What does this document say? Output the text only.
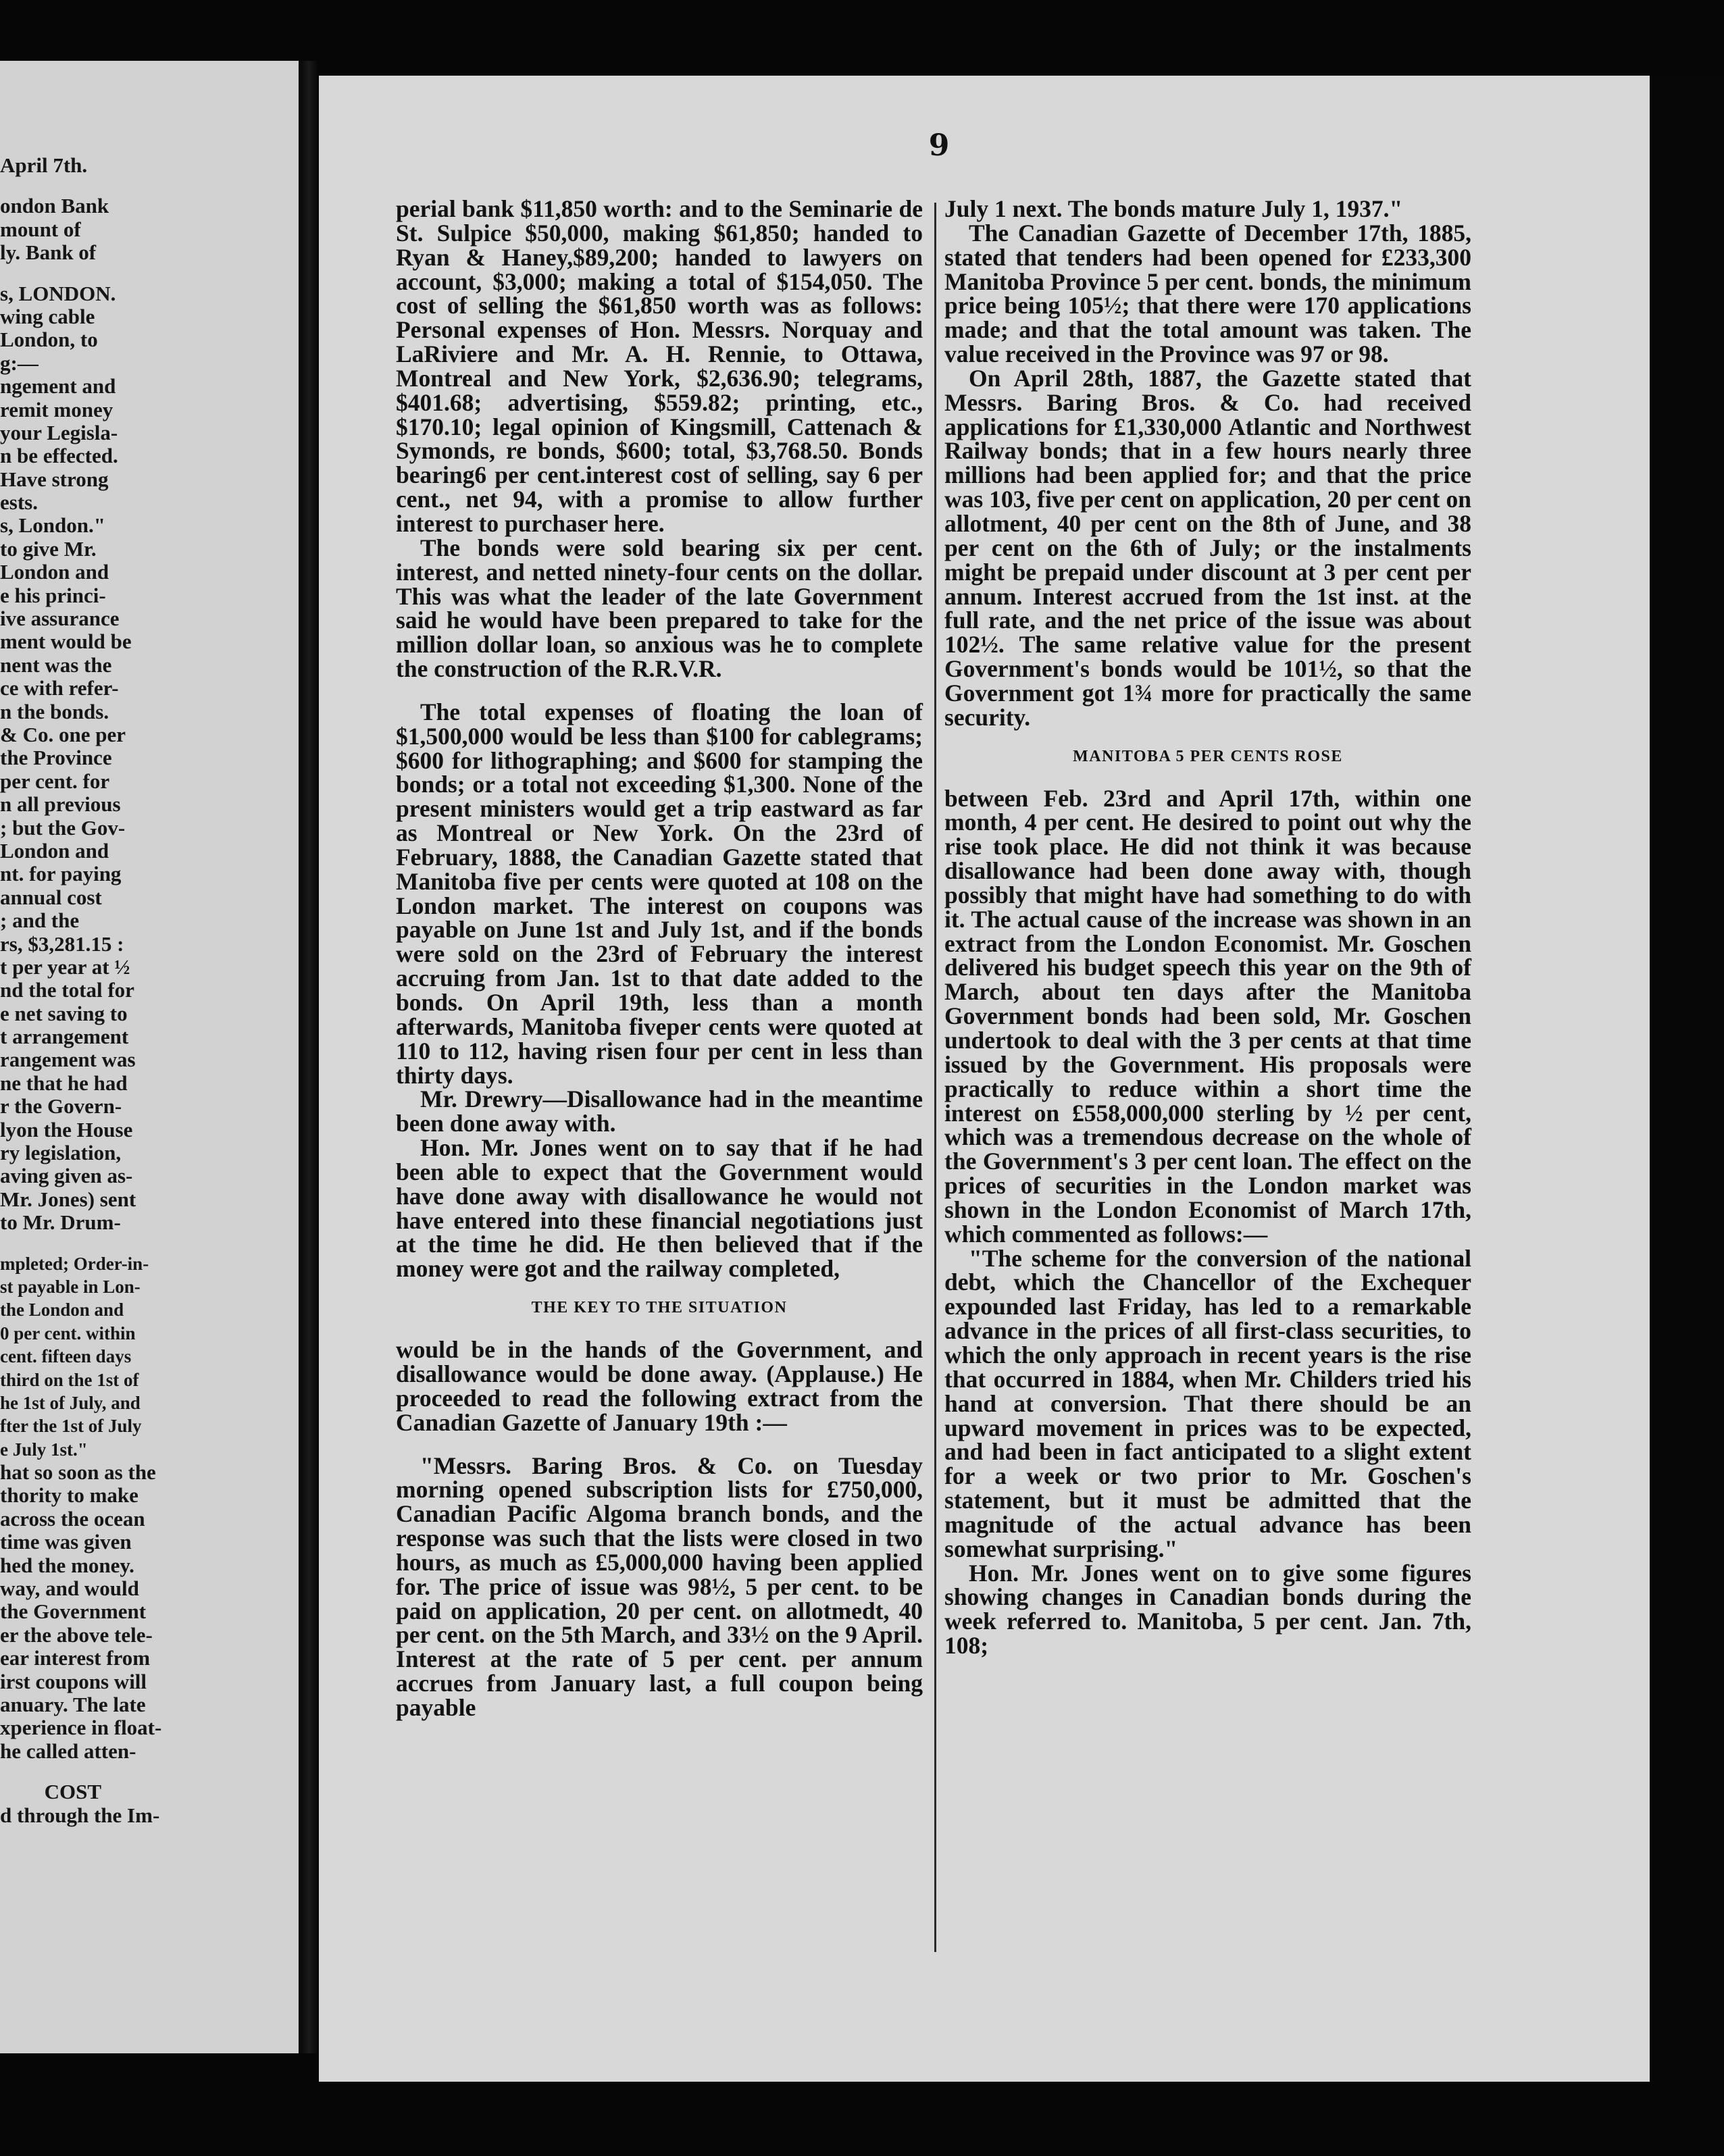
April 7th.
ondon Bank
mount of
ly. Bank of
s, LONDON.
wing cable
London, to
g:—
ngement and
remit money
your Legisla-
n be effected.
Have strong
ests.
s, London."
to give Mr.
London and
e his princi-
ive assurance
ment would be
nent was the
ce with refer-
n the bonds.
& Co. one per
the Province
per cent. for
n all previous
; but the Gov-
London and
nt. for paying
annual cost
; and the
rs, $3,281.15 :
t per year at ½
nd the total for
e net saving to
t arrangement
rangement was
ne that he had
r the Govern-
lyon the House
ry legislation,
aving given as-
Mr. Jones) sent
to Mr. Drum-
mpleted; Order-in-
st payable in Lon-
the London and
0 per cent. within
cent. fifteen days
third on the 1st of
he 1st of July, and
fter the 1st of July
e July 1st."
hat so soon as the
thority to make
across the ocean
time was given
hed the money.
way, and would
the Government
er the above tele-
ear interest from
irst coupons will
anuary. The late
xperience in float-
he called atten-
COST
d through the Im-
9

perial bank $11,850 worth: and to the Seminarie de St. Sulpice $50,000, making $61,850; handed to Ryan & Haney,$89,200; handed to lawyers on account, $3,000; making a total of $154,050. The cost of selling the $61,850 worth was as follows: Personal expenses of Hon. Messrs. Norquay and LaRiviere and Mr. A. H. Rennie, to Ottawa, Montreal and New York, $2,636.90; telegrams, $401.68; advertising, $559.82; printing, etc., $170.10; legal opinion of Kingsmill, Cattenach & Symonds, re bonds, $600; total, $3,768.50. Bonds bearing6 per cent.interest cost of selling, say 6 per cent., net 94, with a promise to allow further interest to purchaser here.

The bonds were sold bearing six per cent. interest, and netted ninety-four cents on the dollar. This was what the leader of the late Government said he would have been prepared to take for the million dollar loan, so anxious was he to complete the construction of the R.R.V.R.

The total expenses of floating the loan of $1,500,000 would be less than $100 for cablegrams; $600 for lithographing; and $600 for stamping the bonds; or a total not exceeding $1,300. None of the present ministers would get a trip eastward as far as Montreal or New York. On the 23rd of February, 1888, the Canadian Gazette stated that Manitoba five per cents were quoted at 108 on the London market. The interest on coupons was payable on June 1st and July 1st, and if the bonds were sold on the 23rd of February the interest accruing from Jan. 1st to that date added to the bonds. On April 19th, less than a month afterwards, Manitoba fiveper cents were quoted at 110 to 112, having risen four per cent in less than thirty days.

Mr. Drewry—Disallowance had in the meantime been done away with.

Hon. Mr. Jones went on to say that if he had been able to expect that the Government would have done away with disallowance he would not have entered into these financial negotiations just at the time he did. He then believed that if the money were got and the railway completed,

THE KEY TO THE SITUATION

would be in the hands of the Government, and disallowance would be done away. (Applause.) He proceeded to read the following extract from the Canadian Gazette of January 19th :—

"Messrs. Baring Bros. & Co. on Tuesday morning opened subscription lists for £750,000, Canadian Pacific Algoma branch bonds, and the response was such that the lists were closed in two hours, as much as £5,000,000 having been applied for. The price of issue was 98½, 5 per cent. to be paid on application, 20 per cent. on allotmedt, 40 per cent. on the 5th March, and 33½ on the 9 April. Interest at the rate of 5 per cent. per annum accrues from January last, a full coupon being payable

July 1 next. The bonds mature July 1, 1937."

The Canadian Gazette of December 17th, 1885, stated that tenders had been opened for £233,300 Manitoba Province 5 per cent. bonds, the minimum price being 105½; that there were 170 applications made; and that the total amount was taken. The value received in the Province was 97 or 98.

On April 28th, 1887, the Gazette stated that Messrs. Baring Bros. & Co. had received applications for £1,330,000 Atlantic and Northwest Railway bonds; that in a few hours nearly three millions had been applied for; and that the price was 103, five per cent on application, 20 per cent on allotment, 40 per cent on the 8th of June, and 38 per cent on the 6th of July; or the instalments might be prepaid under discount at 3 per cent per annum. Interest accrued from the 1st inst. at the full rate, and the net price of the issue was about 102½. The same relative value for the present Government's bonds would be 101½, so that the Government got 1¾ more for practically the same security.

MANITOBA 5 PER CENTS ROSE

between Feb. 23rd and April 17th, within one month, 4 per cent. He desired to point out why the rise took place. He did not think it was because disallowance had been done away with, though possibly that might have had something to do with it. The actual cause of the increase was shown in an extract from the London Economist. Mr. Goschen delivered his budget speech this year on the 9th of March, about ten days after the Manitoba Government bonds had been sold, Mr. Goschen undertook to deal with the 3 per cents at that time issued by the Government. His proposals were practically to reduce within a short time the interest on £558,000,000 sterling by ½ per cent, which was a tremendous decrease on the whole of the Government's 3 per cent loan. The effect on the prices of securities in the London market was shown in the London Economist of March 17th, which commented as follows:—

"The scheme for the conversion of the national debt, which the Chancellor of the Exchequer expounded last Friday, has led to a remarkable advance in the prices of all first-class securities, to which the only approach in recent years is the rise that occurred in 1884, when Mr. Childers tried his hand at conversion. That there should be an upward movement in prices was to be expected, and had been in fact anticipated to a slight extent for a week or two prior to Mr. Goschen's statement, but it must be admitted that the magnitude of the actual advance has been somewhat surprising."

Hon. Mr. Jones went on to give some figures showing changes in Canadian bonds during the week referred to. Manitoba, 5 per cent. Jan. 7th, 108;
